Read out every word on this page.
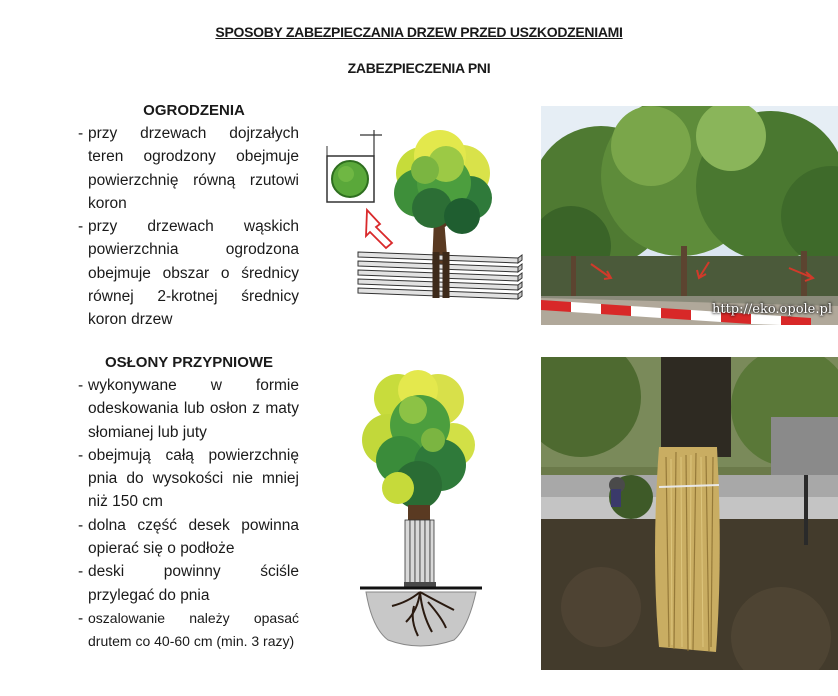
SPOSOBY ZABEZPIECZANIA DRZEW PRZED USZKODZENIAMI
ZABEZPIECZENIA PNI
OGRODZENIA
- przy drzewach dojrzałych teren ogrodzony obejmuje powierzchnię równą rzutowi koron
- przy drzewach wąskich powierzchnia ogrodzona obejmuje obszar o średnicy równej 2-krotnej średnicy koron drzew
OSŁONY PRZYPNIOWE
- wykonywane w formie odeskowania lub osłon z maty słomianej lub juty
- obejmują całą powierzchnię pnia do wysokości nie mniej niż 150 cm
- dolna część desek powinna opierać się o podłoże
- deski powinny ściśle przylegać do pnia
- oszalowanie należy opasać drutem co 40-60 cm (min. 3 razy)
http://eko.opole.pl
